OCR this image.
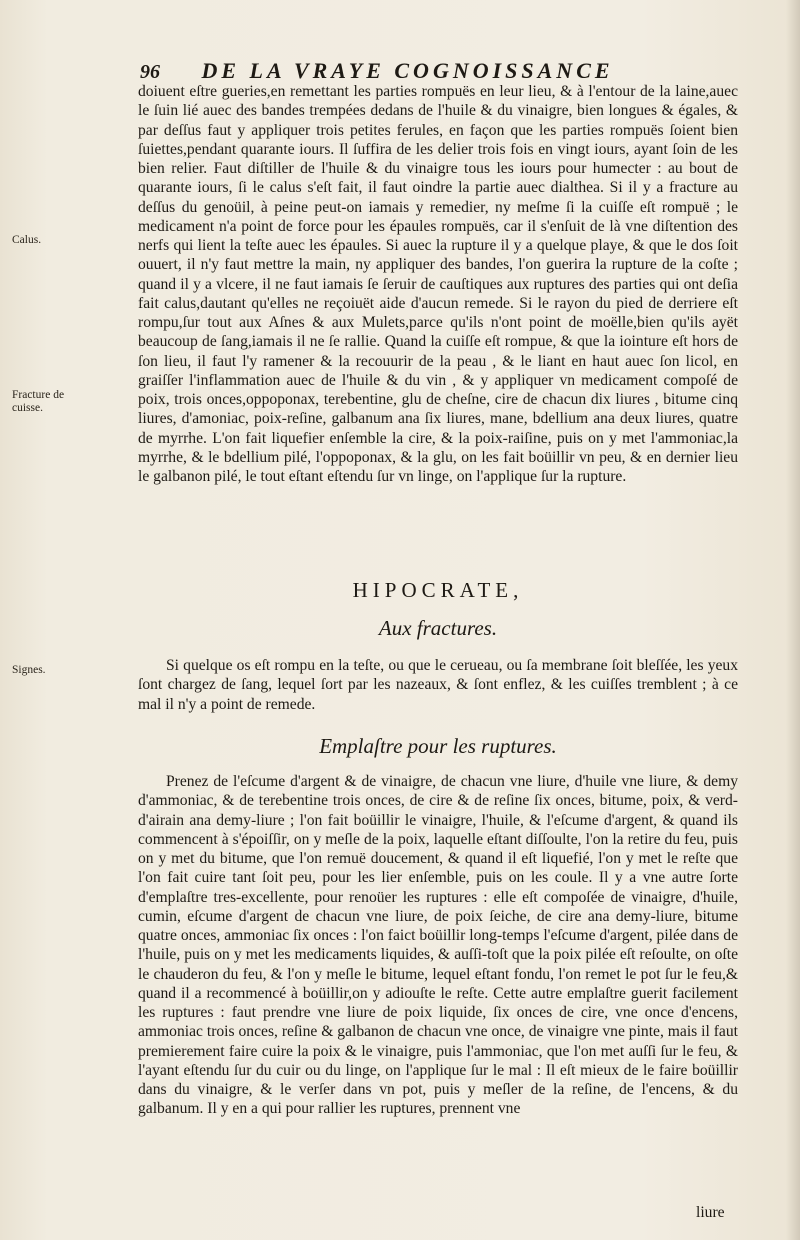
96 DE LA VRAYE COGNOISSANCE
Calus.
Fracture de cuisse.
Signes.

doiuent eſtre gueries,en remettant les parties rompuës en leur lieu, & à l'entour de la laine,auec le ſuin lié auec des bandes trempées dedans de l'huile & du vinaigre, bien longues & égales, & par deſſus faut y appliquer trois petites ferules, en façon que les parties rompuës ſoient bien ſuiettes,pendant quarante iours. Il ſuffira de les delier trois fois en vingt iours, ayant ſoin de les bien relier. Faut diſtiller de l'huile & du vinaigre tous les iours pour humecter : au bout de quarante iours, ſi le calus s'eſt fait, il faut oindre la partie auec dialthea. Si il y a fracture au deſſus du genoüil, à peine peut-on iamais y remedier, ny meſme ſi la cuiſſe eſt rompuë ; le medicament n'a point de force pour les épaules rompuës, car il s'enſuit de là vne diſtention des nerfs qui lient la teſte auec les épaules. Si auec la rupture il y a quelque playe, & que le dos ſoit ouuert, il n'y faut mettre la main, ny appliquer des bandes, l'on guerira la rupture de la coſte ; quand il y a vlcere, il ne faut iamais ſe ſeruir de cauſtiques aux ruptures des parties qui ont deſia fait calus,dautant qu'elles ne reçoiuët aide d'aucun remede. Si le rayon du pied de derriere eſt rompu,ſur tout aux Aſnes & aux Mulets,parce qu'ils n'ont point de moëlle,bien qu'ils ayët beaucoup de ſang,iamais il ne ſe rallie. Quand la cuiſſe eſt rompue, & que la iointure eſt hors de ſon lieu, il faut l'y ramener & la recouurir de la peau , & le liant en haut auec ſon licol, en graiſſer l'inflammation auec de l'huile & du vin , & y appliquer vn medicament compoſé de poix, trois onces,oppoponax, terebentine, glu de cheſne, cire de chacun dix liures , bitume cinq liures, d'amoniac, poix-reſine, galbanum ana ſix liures, mane, bdellium ana deux liures, quatre de myrrhe. L'on fait liquefier enſemble la cire, & la poix-raiſine, puis on y met l'ammoniac,la myrrhe, & le bdellium pilé, l'oppoponax, & la glu, on les fait boüillir vn peu, & en dernier lieu le galbanon pilé, le tout eſtant eſtendu ſur vn linge, on l'applique ſur la rupture.

HIPOCRATE,
Aux fractures.

Si quelque os eſt rompu en la teſte, ou que le cerueau, ou ſa membrane ſoit bleſſée, les yeux ſont chargez de ſang, lequel ſort par les nazeaux, & ſont enflez, & les cuiſſes tremblent ; à ce mal il n'y a point de remede.

Emplaſtre pour les ruptures.

Prenez de l'eſcume d'argent & de vinaigre, de chacun vne liure, d'huile vne liure, & demy d'ammoniac, & de terebentine trois onces, de cire & de reſine ſix onces, bitume, poix, & verd-d'airain ana demy-liure ; l'on fait boüillir le vinaigre, l'huile, & l'eſcume d'argent, & quand ils commencent à s'époiſſir, on y meſle de la poix, laquelle eſtant diſſoulte, l'on la retire du feu, puis on y met du bitume, que l'on remuë doucement, & quand il eſt liquefié, l'on y met le reſte que l'on fait cuire tant ſoit peu, pour les lier enſemble, puis on les coule. Il y a vne autre ſorte d'emplaſtre tres-excellente, pour renoüer les ruptures : elle eſt compoſée de vinaigre, d'huile, cumin, eſcume d'argent de chacun vne liure, de poix ſeiche, de cire ana demy-liure, bitume quatre onces, ammoniac ſix onces : l'on faict boüillir long-temps l'eſcume d'argent, pilée dans de l'huile, puis on y met les medicaments liquides, & auſſi-toſt que la poix pilée eſt reſoulte, on oſte le chauderon du feu, & l'on y meſle le bitume, lequel eſtant fondu, l'on remet le pot ſur le feu,& quand il a recommencé à boüillir,on y adiouſte le reſte. Cette autre emplaſtre guerit facilement les ruptures : faut prendre vne liure de poix liquide, ſix onces de cire, vne once d'encens, ammoniac trois onces, reſine & galbanon de chacun vne once, de vinaigre vne pinte, mais il faut premierement faire cuire la poix & le vinaigre, puis l'ammoniac, que l'on met auſſi ſur le feu, & l'ayant eſtendu ſur du cuir ou du linge, on l'applique ſur le mal : Il eſt mieux de le faire boüillir dans du vinaigre, & le verſer dans vn pot, puis y meſler de la reſine, de l'encens, & du galbanum. Il y en a qui pour rallier les ruptures, prennent vne

liure
